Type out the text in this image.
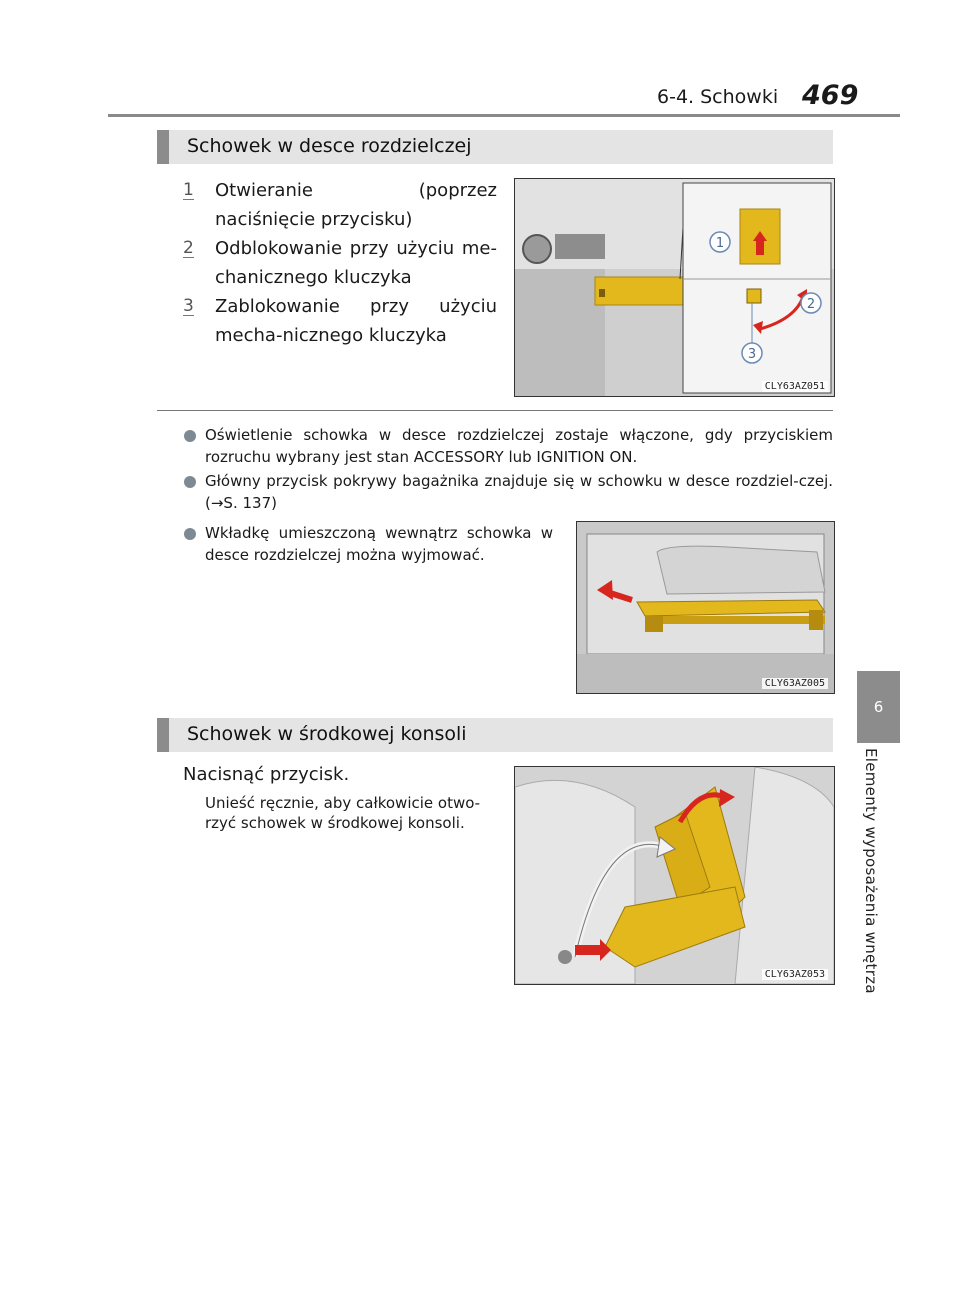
6-4. Schowki 469
Schowek w desce rozdzielczej
1 Otwieranie (poprzez naciśnięcie przycisku)
2 Odblokowanie przy użyciu me-chanicznego kluczyka
3 Zablokowanie przy użyciu mecha-nicznego kluczyka
1
2
3
CLY63AZ051
Oświetlenie schowka w desce rozdzielczej zostaje włączone, gdy przyciskiem rozruchu wybrany jest stan ACCESSORY lub IGNITION ON.
Główny przycisk pokrywy bagażnika znajduje się w schowku w desce rozdziel-czej. (→S. 137)
Wkładkę umieszczoną wewnątrz schowka w desce rozdzielczej można wyjmować.
CLY63AZ005
Schowek w środkowej konsoli
Nacisnąć przycisk.
Unieść ręcznie, aby całkowicie otwo-rzyć schowek w środkowej konsoli.
CLY63AZ053
6
Elementy wyposażenia wnętrza
